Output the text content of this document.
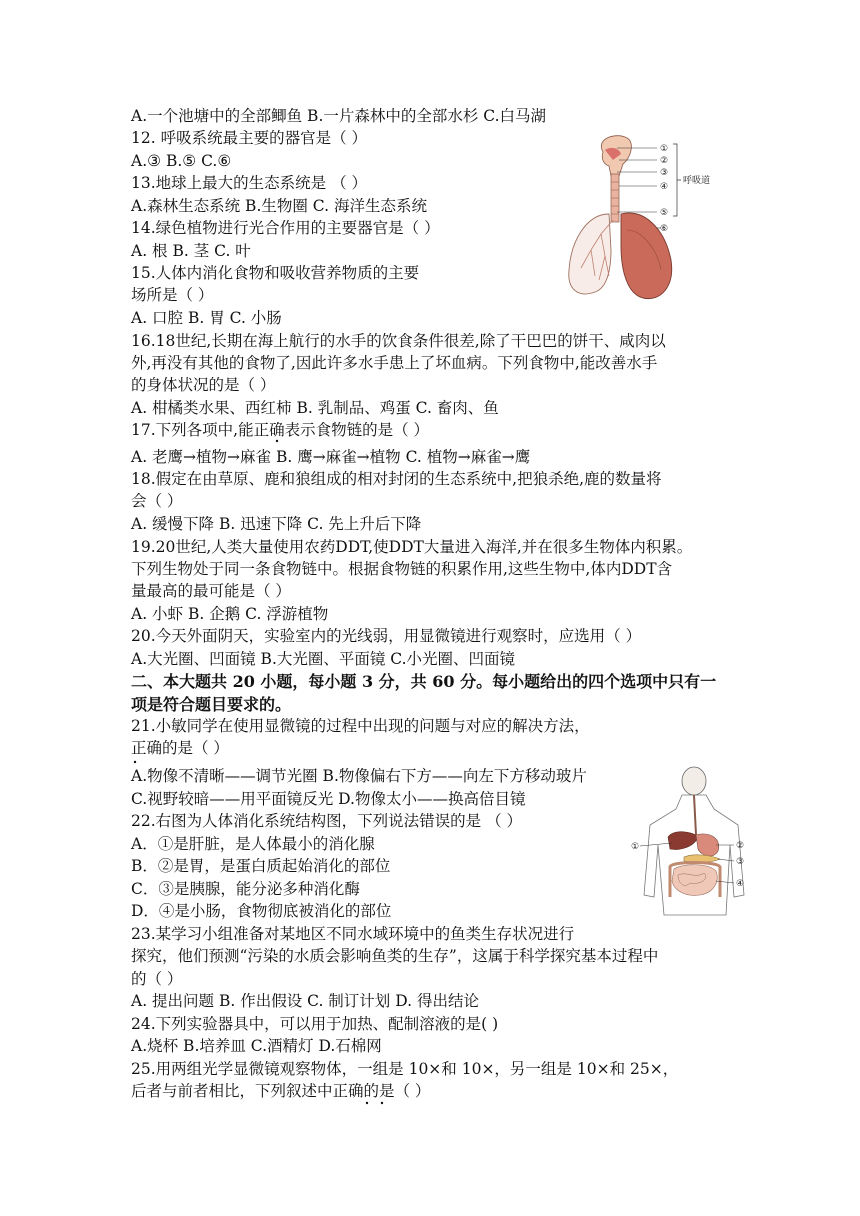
A.一个池塘中的全部鲫鱼 B.一片森林中的全部水杉 C.白马湖
12. 呼吸系统最主要的器官是（ ）
A.③ B.⑤ C.⑥
13.地球上最大的生态系统是 （ ）
A.森林生态系统 B.生物圈 C. 海洋生态系统
14.绿色植物进行光合作用的主要器官是（ ）
A. 根 B. 茎 C. 叶
15.人体内消化食物和吸收营养物质的主要
场所是（ ）
A. 口腔 B. 胃 C. 小肠
16.18世纪,长期在海上航行的水手的饮食条件很差,除了干巴巴的饼干、咸肉以
外,再没有其他的食物了,因此许多水手患上了坏血病。下列食物中,能改善水手
的身体状况的是（ ）
A. 柑橘类水果、西红柿 B. 乳制品、鸡蛋 C. 畜肉、鱼
17.下列各项中,能正确表示食物链的是（ ）
A. 老鹰→植物→麻雀 B. 鹰→麻雀→植物 C. 植物→麻雀→鹰
18.假定在由草原、鹿和狼组成的相对封闭的生态系统中,把狼杀绝,鹿的数量将
会（ ）
A. 缓慢下降 B. 迅速下降 C. 先上升后下降
19.20世纪,人类大量使用农药DDT,使DDT大量进入海洋,并在很多生物体内积累。
下列生物处于同一条食物链中。根据食物链的积累作用,这些生物中,体内DDT含
量最高的最可能是（ ）
A. 小虾 B. 企鹅 C. 浮游植物
20.今天外面阴天，实验室内的光线弱，用显微镜进行观察时，应选用（ ）
A.大光圈、凹面镜 B.大光圈、平面镜 C.小光圈、凹面镜
二、本大题共 20 小题，每小题 3 分，共 60 分。每小题给出的四个选项中只有一
项是符合题目要求的。
21.小敏同学在使用显微镜的过程中出现的问题与对应的解决方法，
正确的是（ ）
A.物像不清晰——调节光圈 B.物像偏右下方——向左下方移动玻片
C.视野较暗——用平面镜反光 D.物像太小——换高倍目镜
22.右图为人体消化系统结构图，下列说法错误的是 （ ）
A．①是肝脏，是人体最小的消化腺
B．②是胃，是蛋白质起始消化的部位
C．③是胰腺，能分泌多种消化酶
D．④是小肠，食物彻底被消化的部位
23.某学习小组准备对某地区不同水域环境中的鱼类生存状况进行
探究，他们预测“污染的水质会影响鱼类的生存”，这属于科学探究基本过程中
的（ ）
A. 提出问题 B. 作出假设 C. 制订计划 D. 得出结论
24.下列实验器具中，可以用于加热、配制溶液的是( )
A.烧杯 B.培养皿 C.酒精灯 D.石棉网
25.用两组光学显微镜观察物体，一组是 10×和 10×，另一组是 10×和 25×，
后者与前者相比，下列叙述中正确的是（ ）
①
②
③
④
⑤
⑥
呼吸道
①	②
③
④
